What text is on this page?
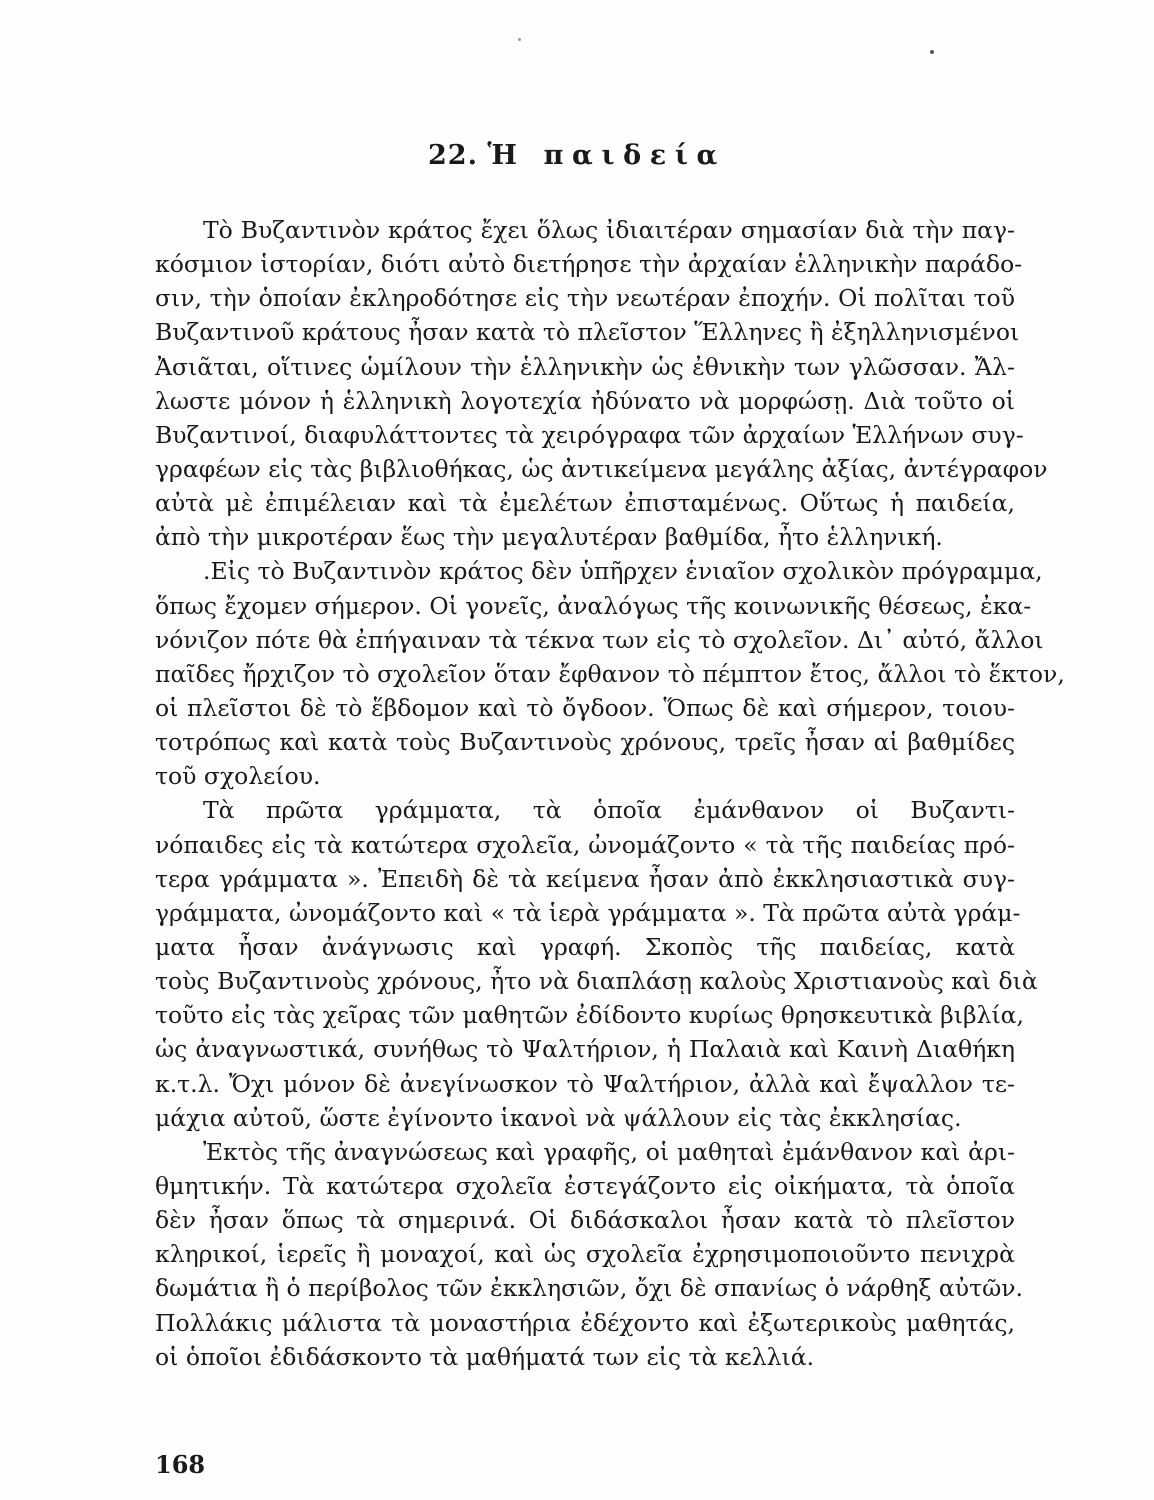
22. Ἡ παιδεία
Τὸ Βυζαντινὸν κράτος ἔχει ὅλως ἰδιαιτέραν σημασίαν διὰ τὴν παγ-
κόσμιον ἱστορίαν, διότι αὐτὸ διετήρησε τὴν ἀρχαίαν ἑλληνικὴν παράδο-
σιν, τὴν ὁποίαν ἐκληροδότησε εἰς τὴν νεωτέραν ἐποχήν. Οἱ πολῖται τοῦ
Βυζαντινοῦ κράτους ἦσαν κατὰ τὸ πλεῖστον Ἕλληνες ἢ ἐξηλληνισμένοι
Ἀσιᾶται, οἵτινες ὡμίλουν τὴν ἑλληνικὴν ὡς ἐθνικὴν των γλῶσσαν. Ἄλ-
λωστε μόνον ἡ ἑλληνικὴ λογοτεχία ἠδύνατο νὰ μορφώσῃ. Διὰ τοῦτο οἱ
Βυζαντινοί, διαφυλάττοντες τὰ χειρόγραφα τῶν ἀρχαίων Ἑλλήνων συγ-
γραφέων εἰς τὰς βιβλιοθήκας, ὡς ἀντικείμενα μεγάλης ἀξίας, ἀντέγραφον
αὐτὰ μὲ ἐπιμέλειαν καὶ τὰ ἐμελέτων ἐπισταμένως. Οὕτως ἡ παιδεία,
ἀπὸ τὴν μικροτέραν ἕως τὴν μεγαλυτέραν βαθμίδα, ἦτο ἑλληνική.
.Εἰς τὸ Βυζαντινὸν κράτος δὲν ὑπῆρχεν ἑνιαῖον σχολικὸν πρόγραμμα,
ὅπως ἔχομεν σήμερον. Οἱ γονεῖς, ἀναλόγως τῆς κοινωνικῆς θέσεως, ἐκα-
νόνιζον πότε θὰ ἐπήγαιναν τὰ τέκνα των εἰς τὸ σχολεῖον. Δι᾿ αὐτό, ἄλλοι
παῖδες ἤρχιζον τὸ σχολεῖον ὅταν ἔφθανον τὸ πέμπτον ἔτος, ἄλλοι τὸ ἕκτον,
οἱ πλεῖστοι δὲ τὸ ἕβδομον καὶ τὸ ὄγδοον. Ὅπως δὲ καὶ σήμερον, τοιου-
τοτρόπως καὶ κατὰ τοὺς Βυζαντινοὺς χρόνους, τρεῖς ἦσαν αἱ βαθμίδες
τοῦ σχολείου.
Τὰ πρῶτα γράμματα, τὰ ὁποῖα ἐμάνθανον οἱ Βυζαντι-
νόπαιδες εἰς τὰ κατώτερα σχολεῖα, ὠνομάζοντο « τὰ τῆς παιδείας πρό-
τερα γράμματα ». Ἐπειδὴ δὲ τὰ κείμενα ἦσαν ἀπὸ ἐκκλησιαστικὰ συγ-
γράμματα, ὠνομάζοντο καὶ « τὰ ἱερὰ γράμματα ». Τὰ πρῶτα αὐτὰ γράμ-
ματα ἦσαν ἀνάγνωσις καὶ γραφή. Σκοπὸς τῆς παιδείας, κατὰ
τοὺς Βυζαντινοὺς χρόνους, ἦτο νὰ διαπλάσῃ καλοὺς Χριστιανοὺς καὶ διὰ
τοῦτο εἰς τὰς χεῖρας τῶν μαθητῶν ἐδίδοντο κυρίως θρησκευτικὰ βιβλία,
ὡς ἀναγνωστικά, συνήθως τὸ Ψαλτήριον, ἡ Παλαιὰ καὶ Καινὴ Διαθήκη
κ.τ.λ. Ὄχι μόνον δὲ ἀνεγίνωσκον τὸ Ψαλτήριον, ἀλλὰ καὶ ἔψαλλον τε-
μάχια αὐτοῦ, ὥστε ἐγίνοντο ἱκανοὶ νὰ ψάλλουν εἰς τὰς ἐκκλησίας.
Ἐκτὸς τῆς ἀναγνώσεως καὶ γραφῆς, οἱ μαθηταὶ ἐμάνθανον καὶ ἀρι-
θμητικήν. Τὰ κατώτερα σχολεῖα ἐστεγάζοντο εἰς οἰκήματα, τὰ ὁποῖα
δὲν ἦσαν ὅπως τὰ σημερινά. Οἱ διδάσκαλοι ἦσαν κατὰ τὸ πλεῖστον
κληρικοί, ἱερεῖς ἢ μοναχοί, καὶ ὡς σχολεῖα ἐχρησιμοποιοῦντο πενιχρὰ
δωμάτια ἢ ὁ περίβολος τῶν ἐκκλησιῶν, ὄχι δὲ σπανίως ὁ νάρθηξ αὐτῶν.
Πολλάκις μάλιστα τὰ μοναστήρια ἐδέχοντο καὶ ἐξωτερικοὺς μαθητάς,
οἱ ὁποῖοι ἐδιδάσκοντο τὰ μαθήματά των εἰς τὰ κελλιά.
168
